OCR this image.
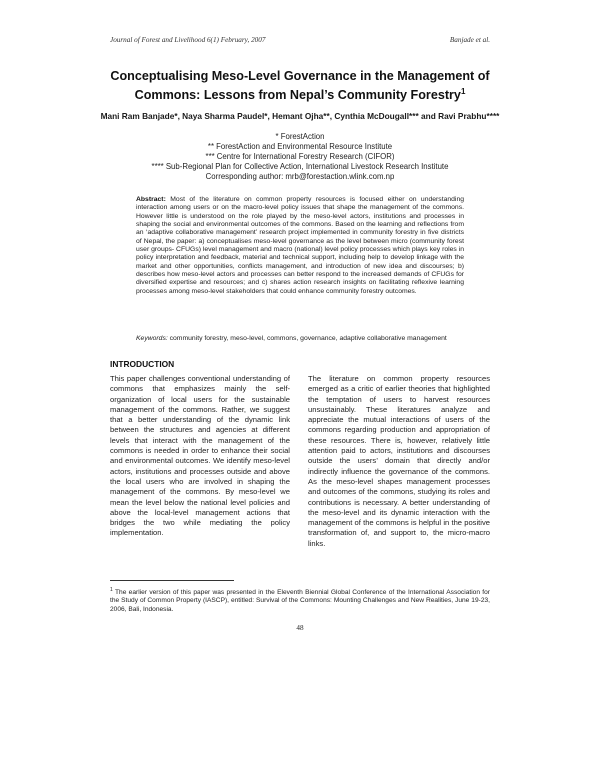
Journal of Forest and Livelihood 6(1) February, 2007	Banjade et al.
Conceptualising Meso-Level Governance in the Management of Commons: Lessons from Nepal’s Community Forestry$^1$
Mani Ram Banjade*, Naya Sharma Paudel*, Hemant Ojha**, Cynthia McDougall*** and Ravi Prabhu****
* ForestAction
** ForestAction and Environmental Resource Institute
*** Centre for International Forestry Research (CIFOR)
**** Sub-Regional Plan for Collective Action, International Livestock Research Institute
Corresponding author: mrb@forestaction.wlink.com.np
Abstract: Most of the literature on common property resources is focused either on understanding interaction among users or on the macro-level policy issues that shape the management of the commons. However little is understood on the role played by the meso-level actors, institutions and processes in shaping the social and environmental outcomes of the commons. Based on the learning and reflections from an ‘adaptive collaborative management’ research project implemented in community forestry in five districts of Nepal, the paper: a) conceptualises meso-level governance as the level between micro (community forest user groups- CFUGs) level management and macro (national) level policy processes which plays key roles in policy interpretation and feedback, material and technical support, including help to develop linkage with the market and other opportunities, conflicts management, and introduction of new idea and discourses; b) describes how meso-level actors and processes can better respond to the increased demands of CFUGs for diversified expertise and resources; and c) shares action research insights on facilitating reflexive learning processes among meso-level stakeholders that could enhance community forestry outcomes.
Keywords: community forestry, meso-level, commons, governance, adaptive collaborative management
INTRODUCTION
This paper challenges conventional understanding of commons that emphasizes mainly the self-organization of local users for the sustainable management of the commons. Rather, we suggest that a better understanding of the dynamic link between the structures and agencies at different levels that interact with the management of the commons is needed in order to enhance their social and environmental outcomes. We identify meso-level actors, institutions and processes outside and above the local users who are involved in shaping the management of the commons. By meso-level we mean the level below the national level policies and above the local-level management actions that bridges the two while mediating the policy implementation.
The literature on common property resources emerged as a critic of earlier theories that highlighted the temptation of users to harvest resources unsustainably. These literatures analyze and appreciate the mutual interactions of users of the commons regarding production and appropriation of these resources. There is, however, relatively little attention paid to actors, institutions and discourses outside the users’ domain that directly and/or indirectly influence the governance of the commons. As the meso-level shapes management processes and outcomes of the commons, studying its roles and contributions is necessary. A better understanding of the meso-level and its dynamic interaction with the management of the commons is helpful in the positive transformation of, and support to, the micro-macro links.
$^1$ The earlier version of this paper was presented in the Eleventh Biennial Global Conference of the International Association for the Study of Common Property (IASCP), entitled: Survival of the Commons: Mounting Challenges and New Realities, June 19-23, 2006, Bali, Indonesia.
48
